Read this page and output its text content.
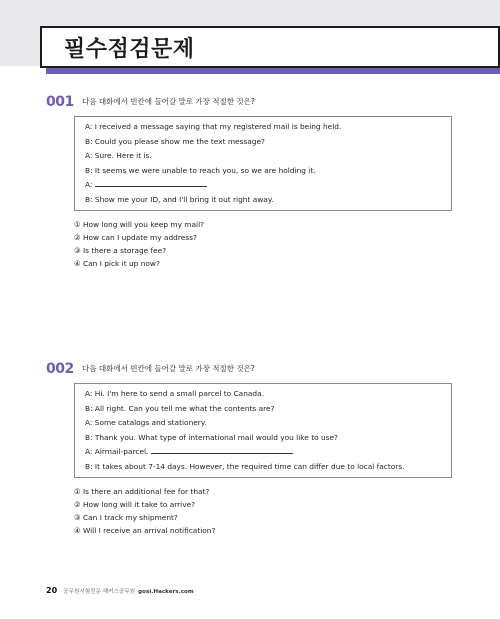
필수점검문제
001	다음 대화에서 빈칸에 들어갈 말로 가장 적절한 것은?
A: I received a message saying that my registered mail is being held.
B: Could you please show me the text message?
A: Sure. Here it is.
B: It seems we were unable to reach you, so we are holding it.
A:
B: Show me your ID, and I'll bring it out right away.
① How long will you keep my mail?
② How can I update my address?
③ Is there a storage fee?
④ Can I pick it up now?
002	다음 대화에서 빈칸에 들어갈 말로 가장 적절한 것은?
A: Hi. I'm here to send a small parcel to Canada.
B: All right. Can you tell me what the contents are?
A: Some catalogs and stationery.
B: Thank you. What type of international mail would you like to use?
A: Airmail-parcel.
B: It takes about 7-14 days. However, the required time can differ due to local factors.
① Is there an additional fee for that?
② How long will it take to arrive?
③ Can I track my shipment?
④ Will I receive an arrival notification?
20 공무원시험전문 해커스공무원 gosi.Hackers.com
